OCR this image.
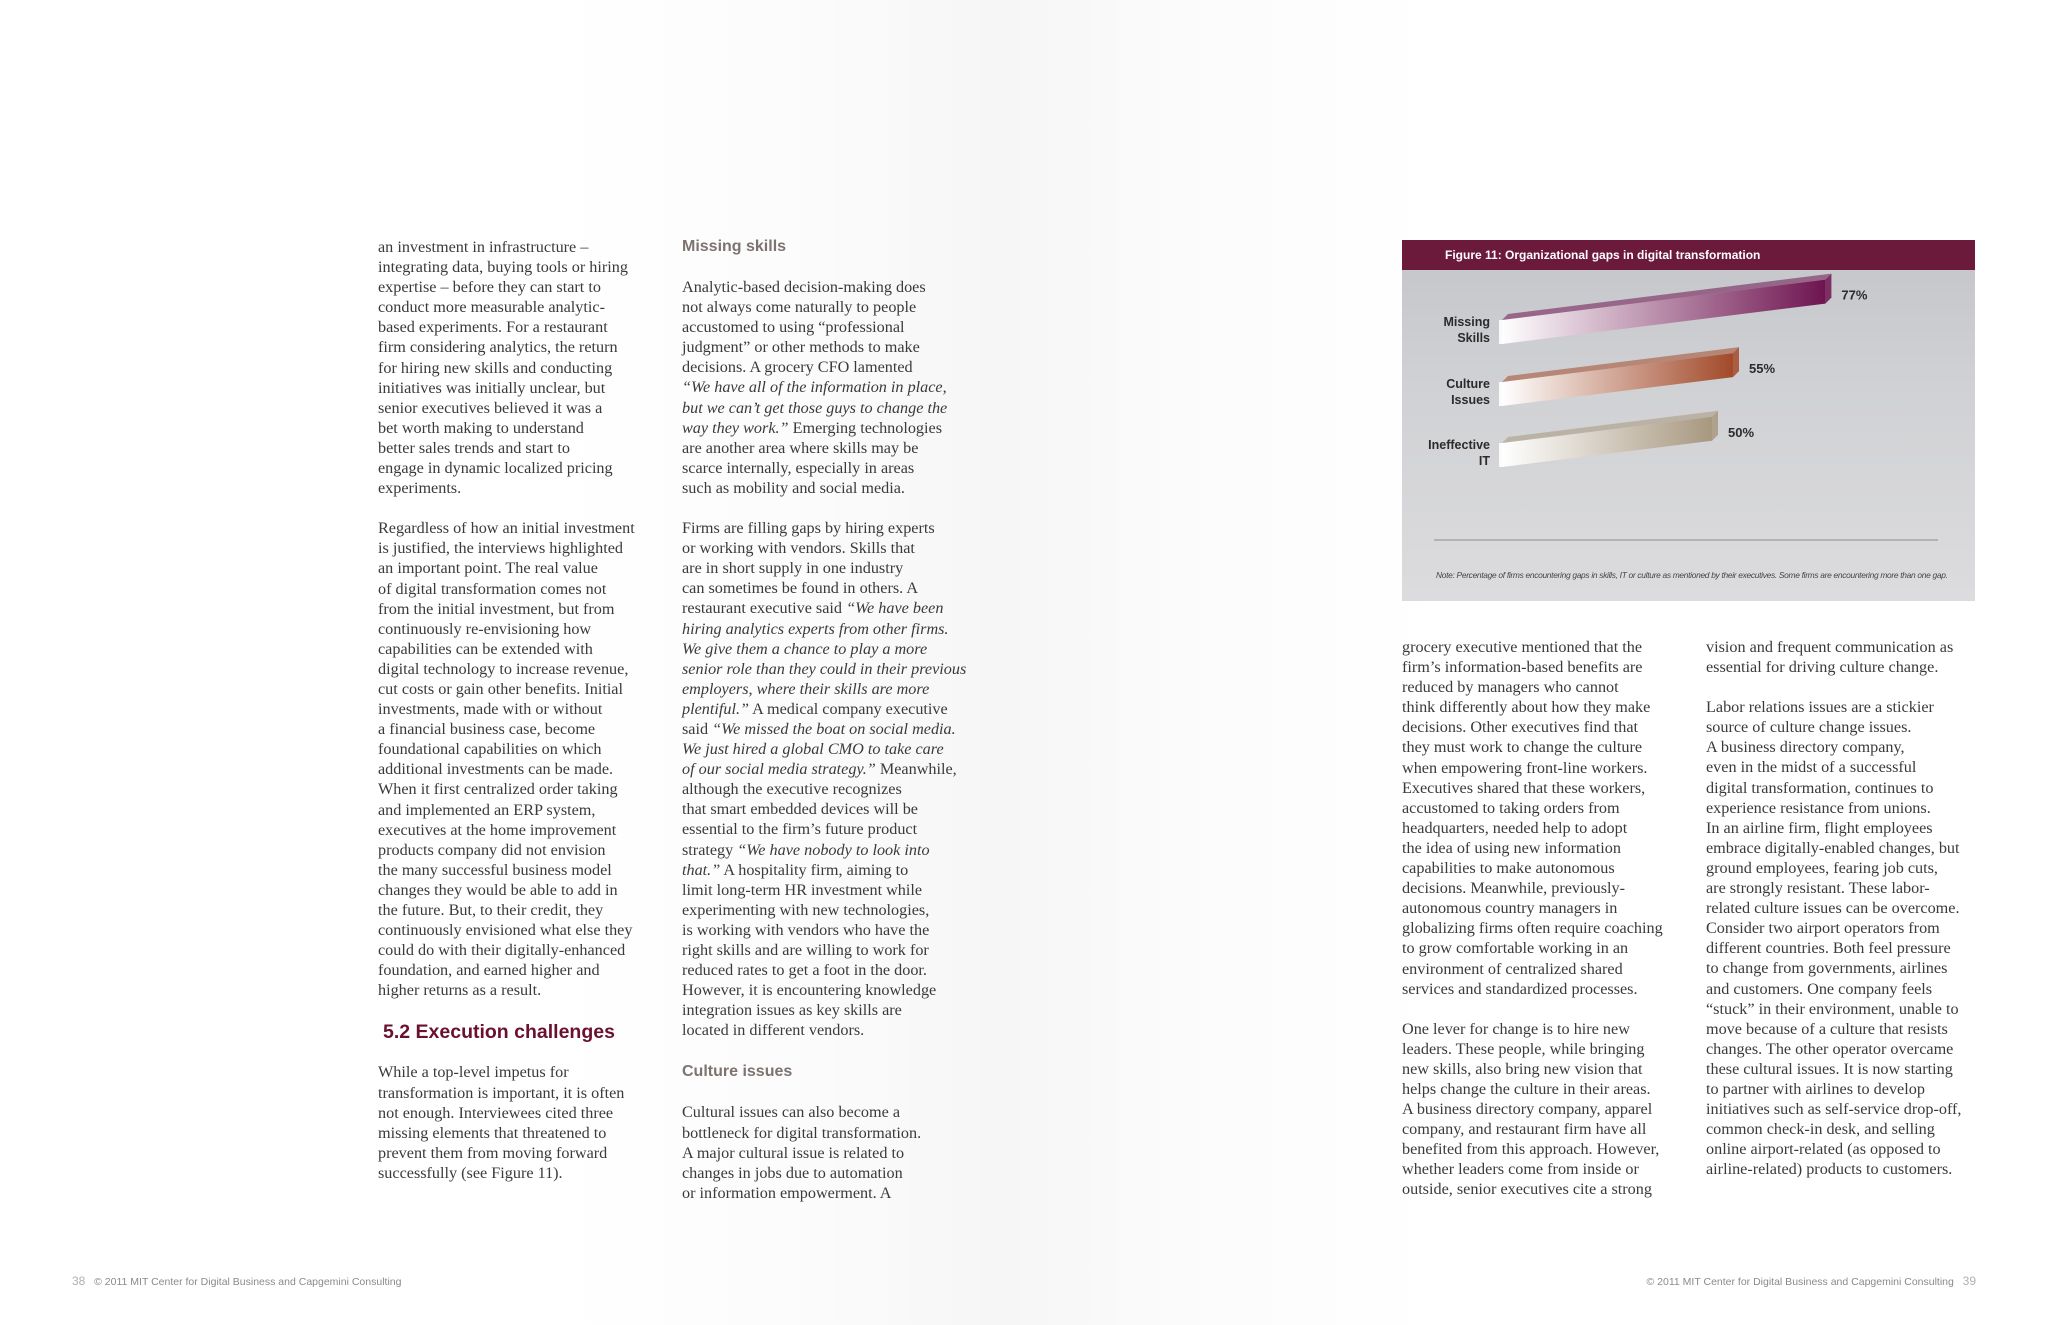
an investment in infrastructure –
integrating data, buying tools or hiring
expertise – before they can start to
conduct more measurable analytic-
based experiments. For a restaurant
firm considering analytics, the return
for hiring new skills and conducting
initiatives was initially unclear, but
senior executives believed it was a
bet worth making to understand
better sales trends and start to
engage in dynamic localized pricing
experiments.

Regardless of how an initial investment
is justified, the interviews highlighted
an important point. The real value
of digital transformation comes not
from the initial investment, but from
continuously re-envisioning how
capabilities can be extended with
digital technology to increase revenue,
cut costs or gain other benefits. Initial
investments, made with or without
a financial business case, become
foundational capabilities on which
additional investments can be made.
When it first centralized order taking
and implemented an ERP system,
executives at the home improvement
products company did not envision
the many successful business model
changes they would be able to add in
the future. But, to their credit, they
continuously envisioned what else they
could do with their digitally-enhanced
foundation, and earned higher and
higher returns as a result.

5.2 Execution challenges

While a top-level impetus for
transformation is important, it is often
not enough. Interviewees cited three
missing elements that threatened to
prevent them from moving forward
successfully (see Figure 11).

Missing skills

Analytic-based decision-making does
not always come naturally to people
accustomed to using “professional
judgment” or other methods to make
decisions. A grocery CFO lamented
“We have all of the information in place,
but we can’t get those guys to change the
way they work.” Emerging technologies
are another area where skills may be
scarce internally, especially in areas
such as mobility and social media.

Firms are filling gaps by hiring experts
or working with vendors. Skills that
are in short supply in one industry
can sometimes be found in others. A
restaurant executive said “We have been
hiring analytics experts from other firms.
We give them a chance to play a more
senior role than they could in their previous
employers, where their skills are more
plentiful.” A medical company executive
said “We missed the boat on social media.
We just hired a global CMO to take care
of our social media strategy.” Meanwhile,
although the executive recognizes
that smart embedded devices will be
essential to the firm’s future product
strategy “We have nobody to look into
that.” A hospitality firm, aiming to
limit long-term HR investment while
experimenting with new technologies,
is working with vendors who have the
right skills and are willing to work for
reduced rates to get a foot in the door.
However, it is encountering knowledge
integration issues as key skills are
located in different vendors.

Culture issues

Cultural issues can also become a
bottleneck for digital transformation.
A major cultural issue is related to
changes in jobs due to automation
or information empowerment. A

Figure 11: Organizational gaps in digital transformation
77%
Missing
Skills
55%
Culture
Issues
50%
Ineffective
IT
Note: Percentage of firms encountering gaps in skills, IT or culture as mentioned by their executives. Some firms are encountering more than one gap.

grocery executive mentioned that the
firm’s information-based benefits are
reduced by managers who cannot
think differently about how they make
decisions. Other executives find that
they must work to change the culture
when empowering front-line workers.
Executives shared that these workers,
accustomed to taking orders from
headquarters, needed help to adopt
the idea of using new information
capabilities to make autonomous
decisions. Meanwhile, previously-
autonomous country managers in
globalizing firms often require coaching
to grow comfortable working in an
environment of centralized shared
services and standardized processes.

One lever for change is to hire new
leaders. These people, while bringing
new skills, also bring new vision that
helps change the culture in their areas.
A business directory company, apparel
company, and restaurant firm have all
benefited from this approach. However,
whether leaders come from inside or
outside, senior executives cite a strong

vision and frequent communication as
essential for driving culture change.

Labor relations issues are a stickier
source of culture change issues.
A business directory company,
even in the midst of a successful
digital transformation, continues to
experience resistance from unions.
In an airline firm, flight employees
embrace digitally-enabled changes, but
ground employees, fearing job cuts,
are strongly resistant. These labor-
related culture issues can be overcome.
Consider two airport operators from
different countries. Both feel pressure
to change from governments, airlines
and customers. One company feels
“stuck” in their environment, unable to
move because of a culture that resists
changes. The other operator overcame
these cultural issues. It is now starting
to partner with airlines to develop
initiatives such as self-service drop-off,
common check-in desk, and selling
online airport-related (as opposed to
airline-related) products to customers.

38 © 2011 MIT Center for Digital Business and Capgemini Consulting	© 2011 MIT Center for Digital Business and Capgemini Consulting 39
